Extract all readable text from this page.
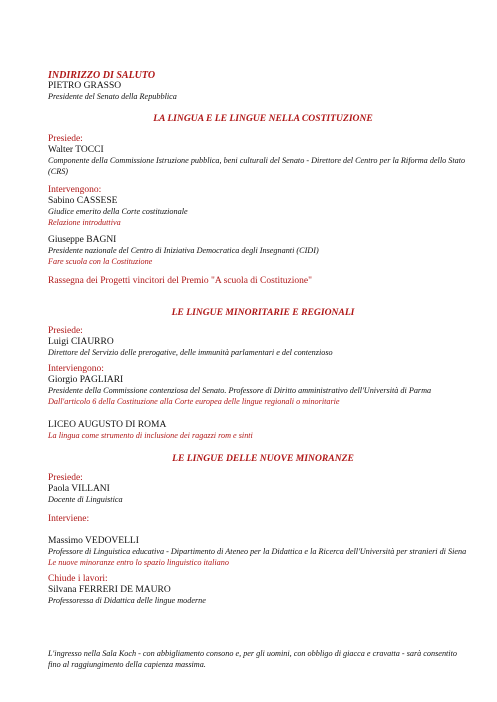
INDIRIZZO DI SALUTO
PIETRO GRASSO
Presidente del Senato della Repubblica
LA LINGUA E LE LINGUE NELLA COSTITUZIONE
Presiede:
Walter TOCCI
Componente della Commissione Istruzione pubblica, beni culturali del Senato - Direttore del Centro per la Riforma dello Stato (CRS)
Intervengono:
Sabino CASSESE
Giudice emerito della Corte costituzionale
Relazione introduttiva
Giuseppe BAGNI
Presidente nazionale del Centro di Iniziativa Democratica degli Insegnanti (CIDI)
Fare scuola con la Costituzione
Rassegna dei Progetti vincitori del Premio "A scuola di Costituzione"
LE LINGUE MINORITARIE E REGIONALI
Presiede:
Luigi CIAURRO
Direttore del Servizio delle prerogative, delle immunità parlamentari e del contenzioso
Interviengono:
Giorgio PAGLIARI
Presidente della Commissione contenziosa del Senato. Professore di Diritto amministrativo dell'Università di Parma
Dall'articolo 6 della Costituzione alla Corte europea delle lingue regionali o minoritarie
LICEO AUGUSTO DI ROMA
La lingua come strumento di inclusione dei ragazzi rom e sinti
LE LINGUE DELLE NUOVE MINORANZE
Presiede:
Paola VILLANI
Docente di Linguistica
Interviene:
Massimo VEDOVELLI
Professore di Linguistica educativa - Dipartimento di Ateneo per la Didattica e la Ricerca dell'Università per stranieri di Siena
Le nuove minoranze entro lo spazio linguistico italiano
Chiude i lavori:
Silvana FERRERI DE MAURO
Professoressa di Didattica delle lingue moderne
L'ingresso nella Sala Koch - con abbigliamento consono e, per gli uomini, con obbligo di giacca e cravatta - sarà consentito fino al raggiungimento della capienza massima.
